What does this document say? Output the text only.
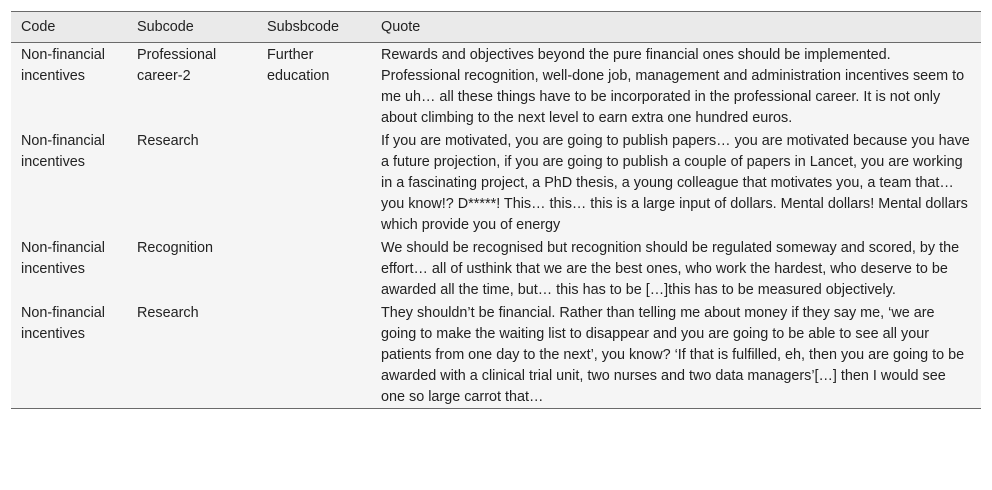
Code	Subcode	Subsbcode	Quote
Non-financial incentives	Professional career-2	Further education	Rewards and objectives beyond the pure financial ones should be implemented. Professional recognition, well-done job, management and administration incentives seem to me uh… all these things have to be incorporated in the professional career. It is not only about climbing to the next level to earn extra one hundred euros.
Non-financial incentives	Research		If you are motivated, you are going to publish papers… you are motivated because you have a future projection, if you are going to publish a couple of papers in Lancet, you are working in a fascinating project, a PhD thesis, a young colleague that motivates you, a team that… you know!? D*****! This… this… this is a large input of dollars. Mental dollars! Mental dollars which provide you of energy
Non-financial incentives	Recognition		We should be recognised but recognition should be regulated someway and scored, by the effort… all of usthink that we are the best ones, who work the hardest, who deserve to be awarded all the time, but… this has to be […]this has to be measured objectively.
Non-financial incentives	Research		They shouldn’t be financial. Rather than telling me about money if they say me, ‘we are going to make the waiting list to disappear and you are going to be able to see all your patients from one day to the next’, you know? ‘If that is fulfilled, eh, then you are going to be awarded with a clinical trial unit, two nurses and two data managers’[…] then I would see one so large carrot that…
